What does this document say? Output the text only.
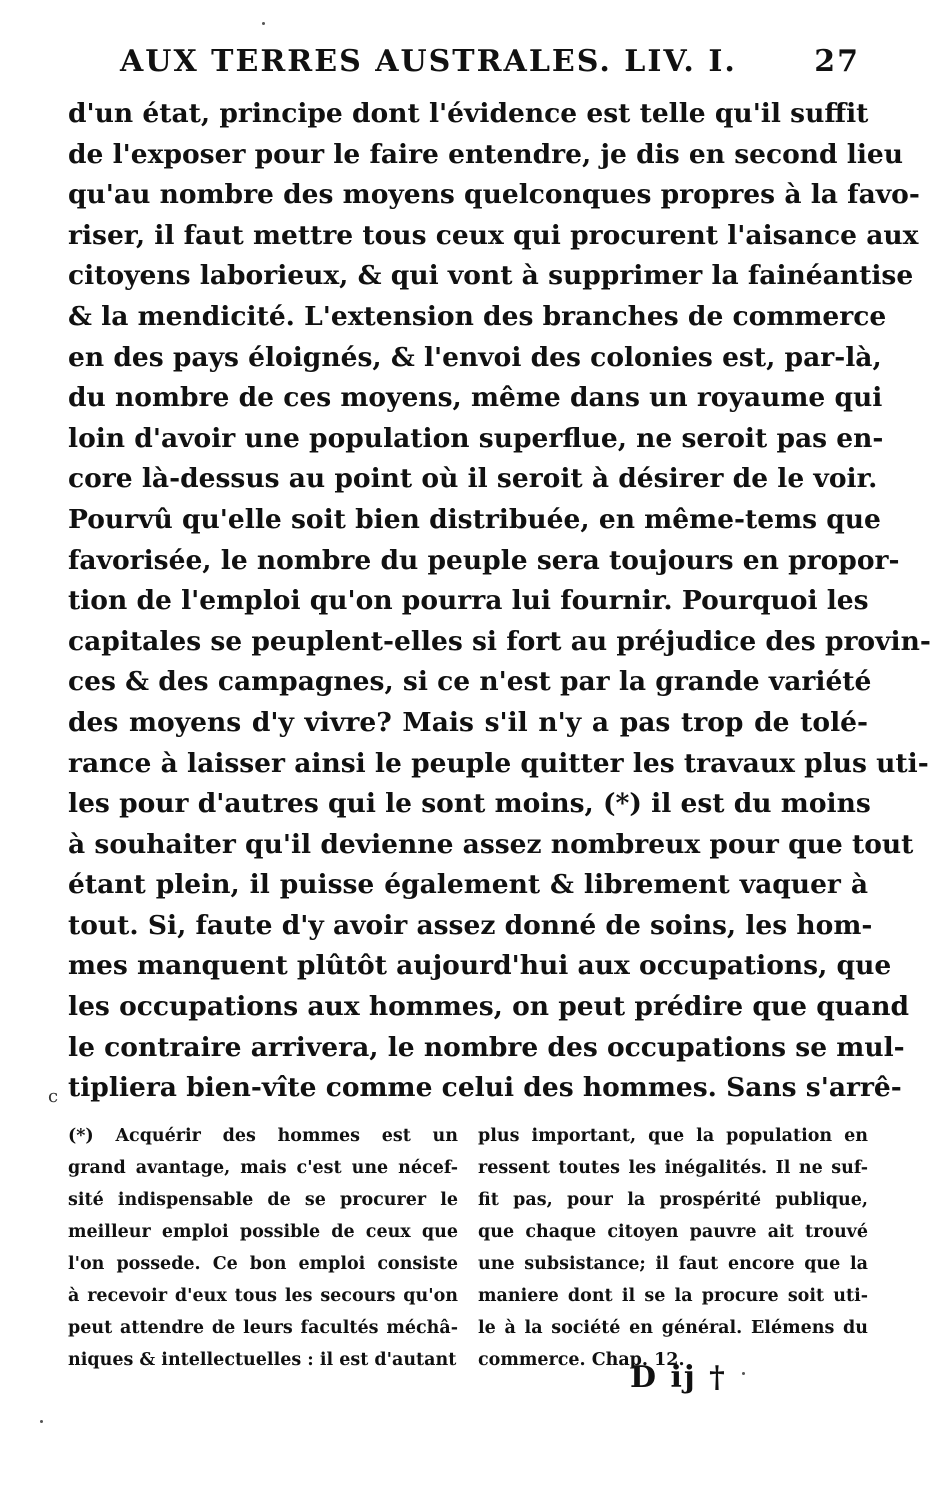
AUX TERRES AUSTRALES. LIV. I.	27
d'un état, principe dont l'évidence est telle qu'il suffit
de l'exposer pour le faire entendre, je dis en second lieu
qu'au nombre des moyens quelconques propres à la favo-
riser, il faut mettre tous ceux qui procurent l'aisance aux
citoyens laborieux, & qui vont à supprimer la fainéantise
& la mendicité. L'extension des branches de commerce
en des pays éloignés, & l'envoi des colonies est, par-là,
du nombre de ces moyens, même dans un royaume qui
loin d'avoir une population superflue, ne seroit pas en-
core là-dessus au point où il seroit à désirer de le voir.
Pourvû qu'elle soit bien distribuée, en même-tems que
favorisée, le nombre du peuple sera toujours en propor-
tion de l'emploi qu'on pourra lui fournir. Pourquoi les
capitales se peuplent-elles si fort au préjudice des provin-
ces & des campagnes, si ce n'est par la grande variété
des moyens d'y vivre? Mais s'il n'y a pas trop de tolé-
rance à laisser ainsi le peuple quitter les travaux plus uti-
les pour d'autres qui le sont moins, (*) il est du moins
à souhaiter qu'il devienne assez nombreux pour que tout
étant plein, il puisse également & librement vaquer à
tout. Si, faute d'y avoir assez donné de soins, les hom-
mes manquent plûtôt aujourd'hui aux occupations, que
les occupations aux hommes, on peut prédire que quand
le contraire arrivera, le nombre des occupations se mul-
tipliera bien-vîte comme celui des hommes. Sans s'arrê-
c
(*) Acquérir des hommes est un
grand avantage, mais c'est une nécef-
sité indispensable de se procurer le
meilleur emploi possible de ceux que
l'on possede. Ce bon emploi consiste
à recevoir d'eux tous les secours qu'on
peut attendre de leurs facultés méchâ-
niques & intellectuelles : il est d'autant
plus important, que la population en
ressent toutes les inégalités. Il ne suf-
fit pas, pour la prospérité publique,
que chaque citoyen pauvre ait trouvé
une subsistance; il faut encore que la
maniere dont il se la procure soit uti-
le à la société en général. Elémens du
commerce. Chap. 12.
D ij †
